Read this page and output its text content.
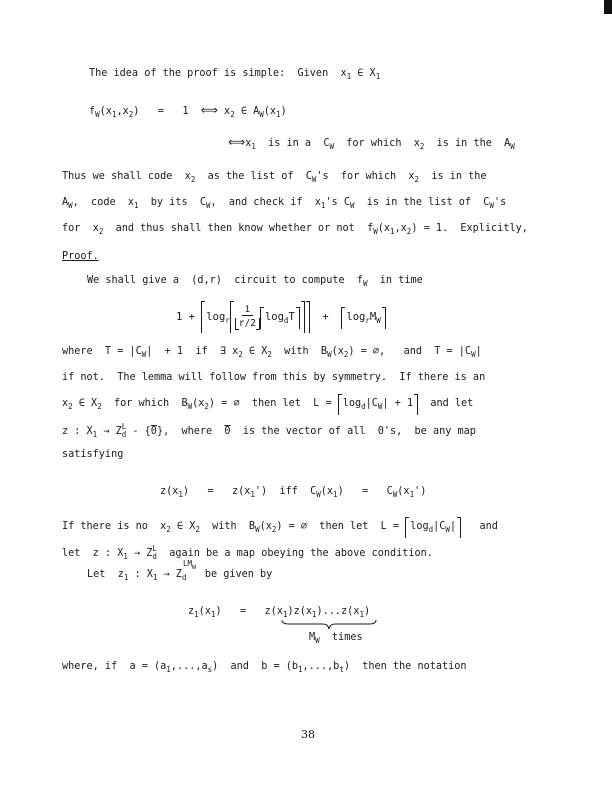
The idea of the proof is simple:  Given  $x_1$ ∈ $X_1$
$f_W(x_1,x_2) = 1$  ⟺ $x_2$ ∈ $A_W(x_1)$
$⟺x_1$  is in a  $C_W$  for which  $x_2$  is in the  $A_W$
Thus we shall code  $x_2$  as the list of  $C_W's$  for which  $x_2$  is in the
$A_W$,  code  $x_1$  by its  $C_W$,  and check if  $x_1's$ $C_W$  is in the list of  $C_W's$
for  $x_2$  and thus shall then know whether or not  $f_W(x_1,x_2) = 1$.  Explicitly,
Proof.
We shall give a  (d,r)  circuit to compute  $f_W$  in time
$1 + \log_r \frac{1}{r/2} \log_dT + \log_rM_W$
where  $T = |C_W| + 1$  if  ∃ $x_2$ ∈ $X_2$  with  $B_W(x_2)$ = ∅,   and  $T = |C_W|$
if not.  The lemma will follow from this by symmetry.  If there is an
$x_2$ ∈ $X_2$  for which  $B_W(x_2)$ = ∅  then let  $L = \log_d|C_W| + 1$  and let
z : $X_1 \to Z$ L
d - {0},  where  0  is the vector of all  0's,  be any map
satisfying
$z(x_1) = z(x_1')$  iff  $C_W(x_1) = C_W(x_1')$
If there is no  $x_2$ ∈ $X_2$  with  $B_W(x_2)$ = ∅  then let  $L = \log_d|C_W|$   and
let  z : $X_1 \to Z$ L
d again be a map obeying the above condition.
$LM_W$
Let  $z_1$ : $X_1 \to Z_d$   be given by
$z_1(x_1) = z(x_1)z(x_1)...z(x_1)$
$M_W$  times
where, if  $a = (a_1,...,a_s)$  and  $b = (b_1,...,b_t)$  then the notation
38
